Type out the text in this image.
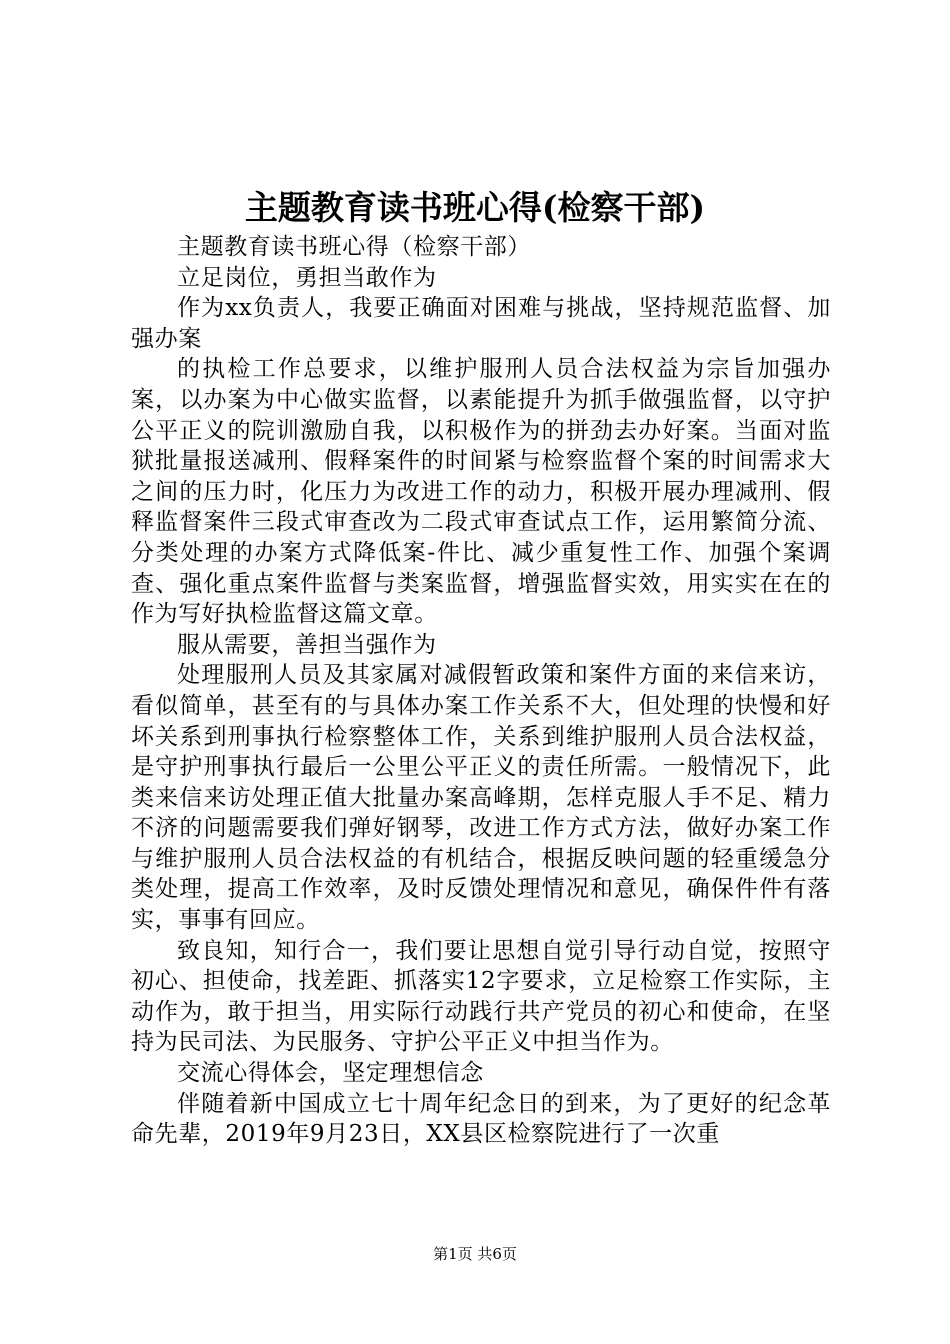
主题教育读书班心得(检察干部)

主题教育读书班心得（检察干部）

立足岗位，勇担当敢作为

作为xx负责人，我要正确面对困难与挑战，坚持规范监督、加强办案

的执检工作总要求，以维护服刑人员合法权益为宗旨加强办案，以办案为中心做实监督，以素能提升为抓手做强监督，以守护公平正义的院训激励自我，以积极作为的拼劲去办好案。当面对监狱批量报送减刑、假释案件的时间紧与检察监督个案的时间需求大之间的压力时，化压力为改进工作的动力，积极开展办理减刑、假释监督案件三段式审查改为二段式审查试点工作，运用繁简分流、分类处理的办案方式降低案-件比、减少重复性工作、加强个案调查、强化重点案件监督与类案监督，增强监督实效，用实实在在的作为写好执检监督这篇文章。

服从需要，善担当强作为

处理服刑人员及其家属对减假暂政策和案件方面的来信来访，看似简单，甚至有的与具体办案工作关系不大，但处理的快慢和好坏关系到刑事执行检察整体工作，关系到维护服刑人员合法权益，是守护刑事执行最后一公里公平正义的责任所需。一般情况下，此类来信来访处理正值大批量办案高峰期，怎样克服人手不足、精力不济的问题需要我们弹好钢琴，改进工作方式方法，做好办案工作与维护服刑人员合法权益的有机结合，根据反映问题的轻重缓急分类处理，提高工作效率，及时反馈处理情况和意见，确保件件有落实，事事有回应。

致良知，知行合一，我们要让思想自觉引导行动自觉，按照守初心、担使命，找差距、抓落实12字要求，立足检察工作实际，主动作为，敢于担当，用实际行动践行共产党员的初心和使命，在坚持为民司法、为民服务、守护公平正义中担当作为。

交流心得体会，坚定理想信念

伴随着新中国成立七十周年纪念日的到来，为了更好的纪念革命先辈，2019年9月23日，XX县区检察院进行了一次重

第1页 共6页
